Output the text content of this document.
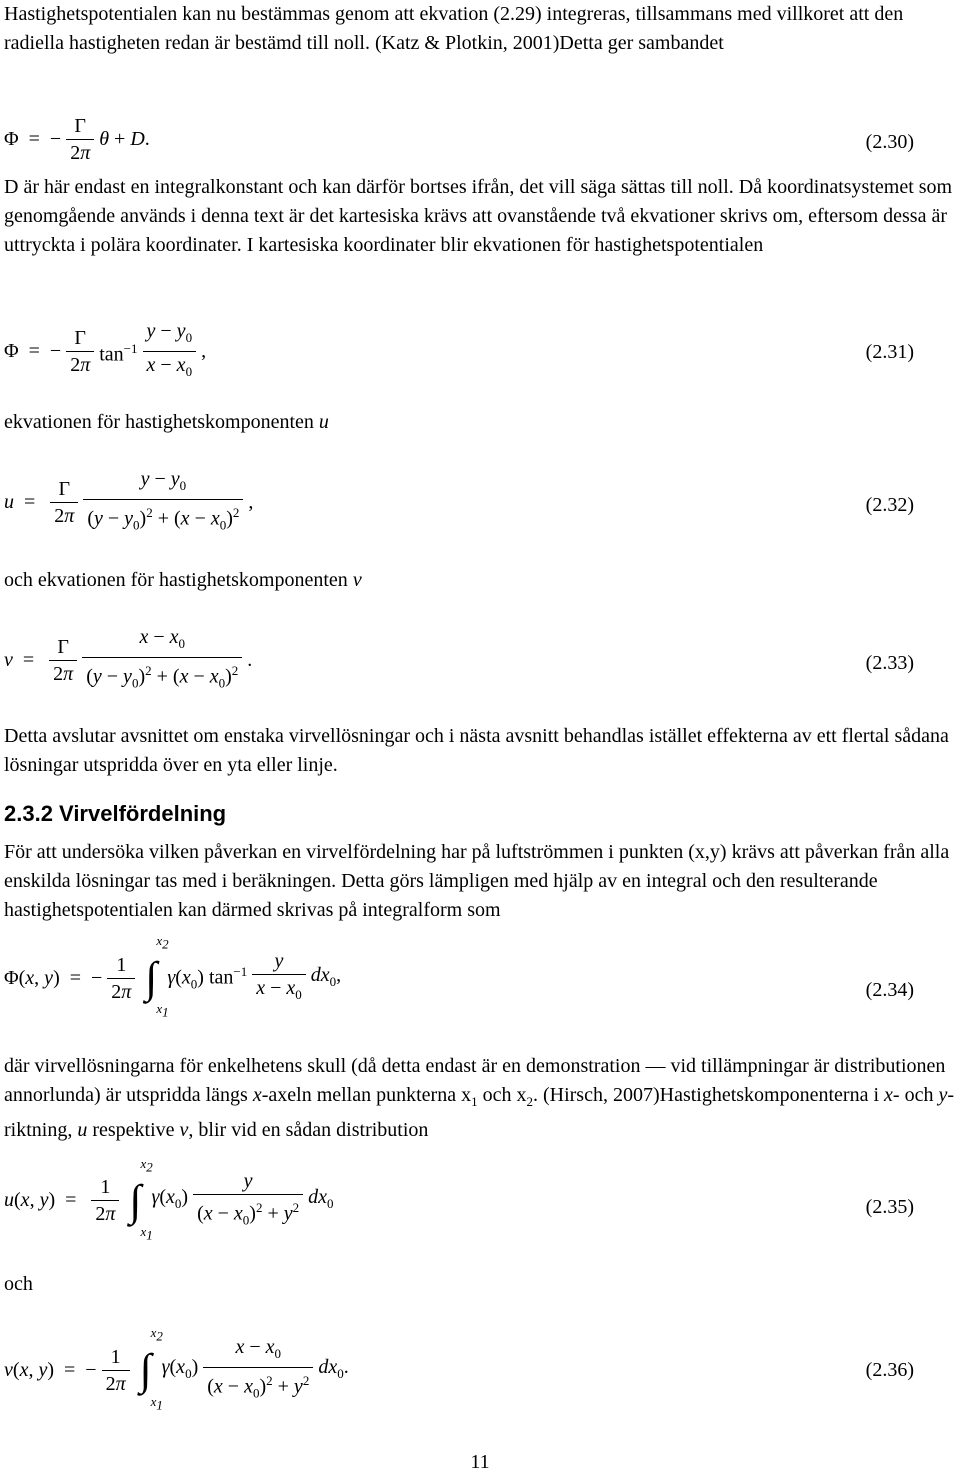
Hastighetspotentialen kan nu bestämmas genom att ekvation (2.29) integreras, tillsammans med villkoret att den radiella hastigheten redan är bestämd till noll. (Katz & Plotkin, 2001)Detta ger sambandet

Φ = − $\frac{\Gamma}{2\pi}$ θ + D.	(2.30)

D är här endast en integralkonstant och kan därför bortses ifrån, det vill säga sättas till noll. Då koordinatsystemet som genomgående används i denna text är det kartesiska krävs att ovanstående två ekvationer skrivs om, eftersom dessa är uttryckta i polära koordinater. I kartesiska koordinater blir ekvationen för hastighetspotentialen

Φ = − $\frac{\Gamma}{2\pi} \tan^{-1} \frac{y - y_0}{x - x_0}$ ,	(2.31)

ekvationen för hastighetskomponenten u

$u = \frac{\Gamma}{2\pi}$
$\frac{y - y_0}{(y - y_0)^2 + (x - x_0)^2}$ ,	(2.32)

och ekvationen för hastighetskomponenten v

$v = \frac{\Gamma}{2\pi}$
$\frac{x - x_0}{(y - y_0)^2 + (x - x_0)^2}$ .	(2.33)

Detta avslutar avsnittet om enstaka virvellösningar och i nästa avsnitt behandlas istället effekterna av ett flertal sådana lösningar utspridda över en yta eller linje.

2.3.2 Virvelfördelning

För att undersöka vilken påverkan en virvelfördelning har på luftströmmen i punkten (x,y) krävs att påverkan från alla enskilda lösningar tas med i beräkningen. Detta görs lämpligen med hjälp av en integral och den resulterande hastighetspotentialen kan därmed skrivas på integralform som

Φ(x, y) = − $\frac{1}{2\pi}$ ∫
$x_2$
$x_1$
$\gamma(x_0)$ $\tan^{-1} \frac{y}{x - x_0} dx_0$,
(2.34)

där virvellösningarna för enkelhetens skull (då detta endast är en demonstration — vid tillämpningar är distributionen annorlunda) är utspridda längs x-axeln mellan punkterna $x_1$ och $x_2$. (Hirsch, 2007)Hastighetskomponenterna i x- och y-riktning, u respektive v, blir vid en sådan distribution

u(x, $y) = \frac{1}{2\pi}$ ∫
$x_2$
$x_1$
$\gamma(x_0) \frac{y}{(x - x_0)^2 + y^2} dx_0$	(2.35)

och

v(x, y) = − $\frac{1}{2\pi}$ ∫
$x_2$
$x_1$
$\gamma(x_0) \frac{x - x_0}{(x - x_0)^2 + y^2} dx_0$.	(2.36)
11
